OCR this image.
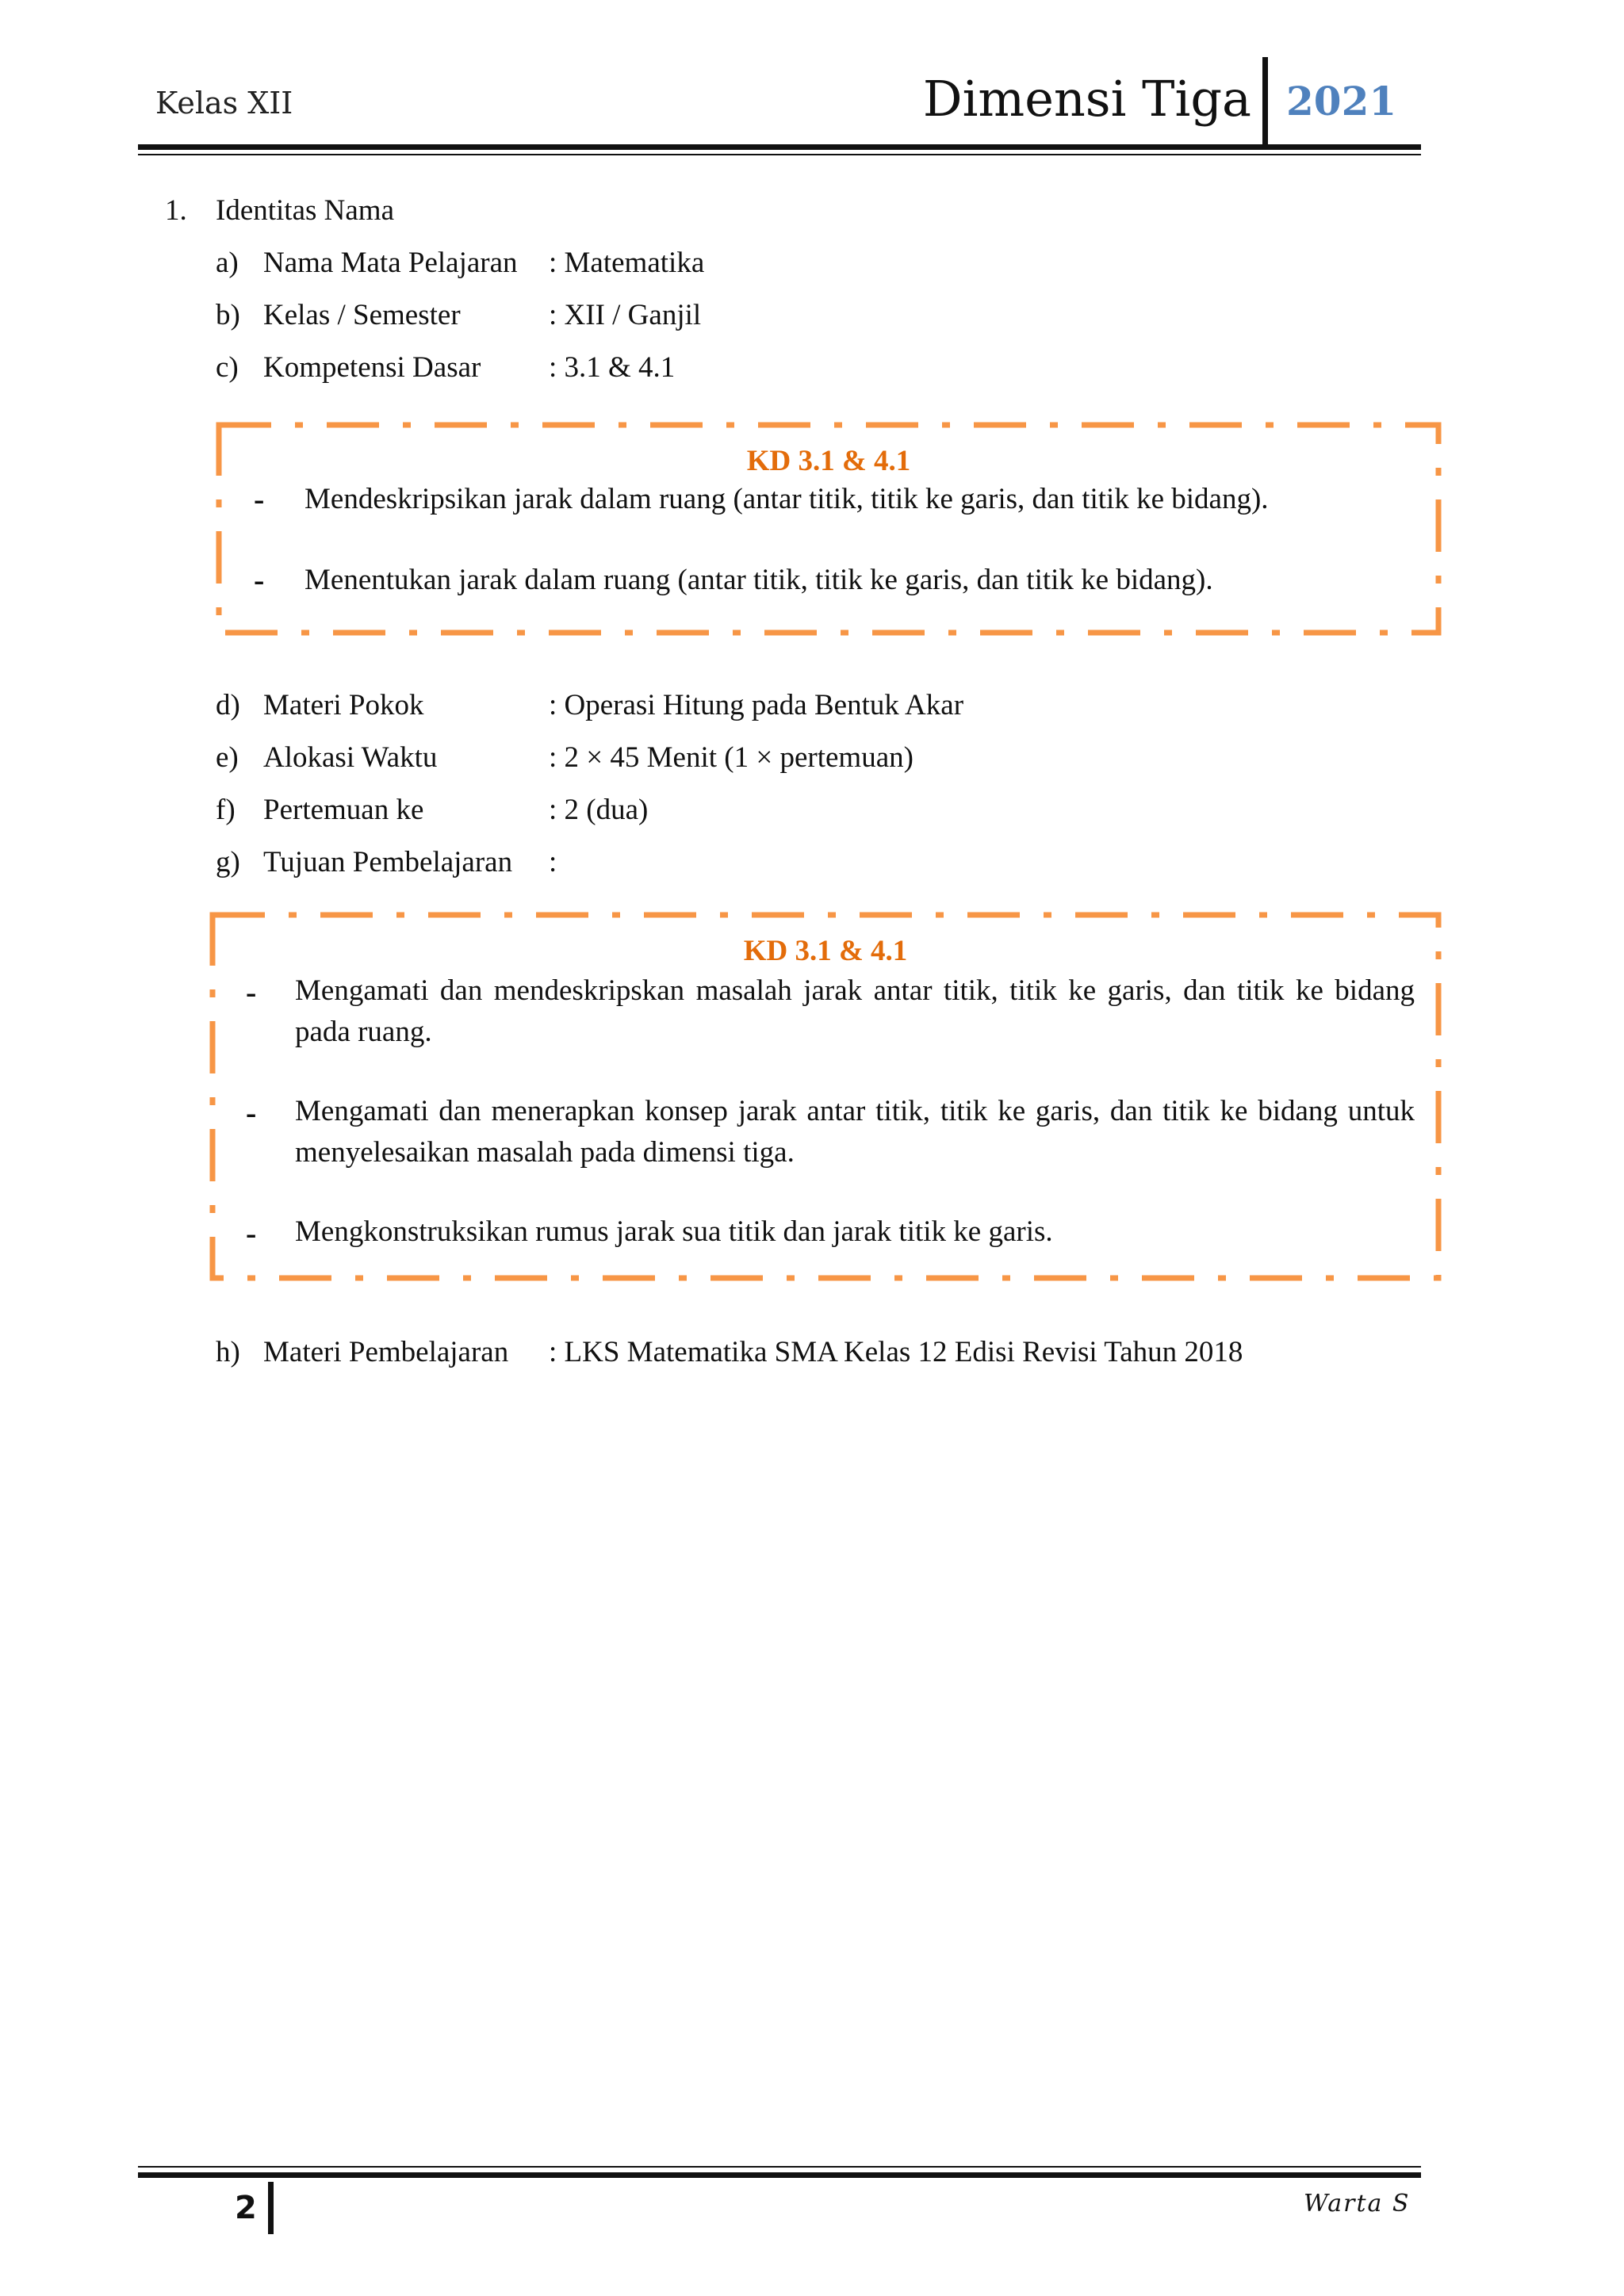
Kelas XII	Dimensi Tiga 2021
1. Identitas Nama
a) Nama Mata Pelajaran : Matematika
b) Kelas / Semester	: XII / Ganjil
c) Kompetensi Dasar : 3.1 & 4.1
KD 3.1 & 4.1
- Mendeskripsikan jarak dalam ruang (antar titik, titik ke garis, dan titik ke bidang).
- Menentukan jarak dalam ruang (antar titik, titik ke garis, dan titik ke bidang).
d) Materi Pokok	: Operasi Hitung pada Bentuk Akar
e) Alokasi Waktu	: 2 × 45 Menit (1 × pertemuan)
f) Pertemuan ke	: 2 (dua)
g) Tujuan Pembelajaran :
KD 3.1 & 4.1
- Mengamati dan mendeskripskan masalah jarak antar titik, titik ke garis, dan titik ke bidang pada ruang.
- Mengamati dan menerapkan konsep jarak antar titik, titik ke garis, dan titik ke bidang untuk menyelesaikan masalah pada dimensi tiga.
- Mengkonstruksikan rumus jarak sua titik dan jarak titik ke garis.
h) Materi Pembelajaran : LKS Matematika SMA Kelas 12 Edisi Revisi Tahun 2018
2	Warta S
